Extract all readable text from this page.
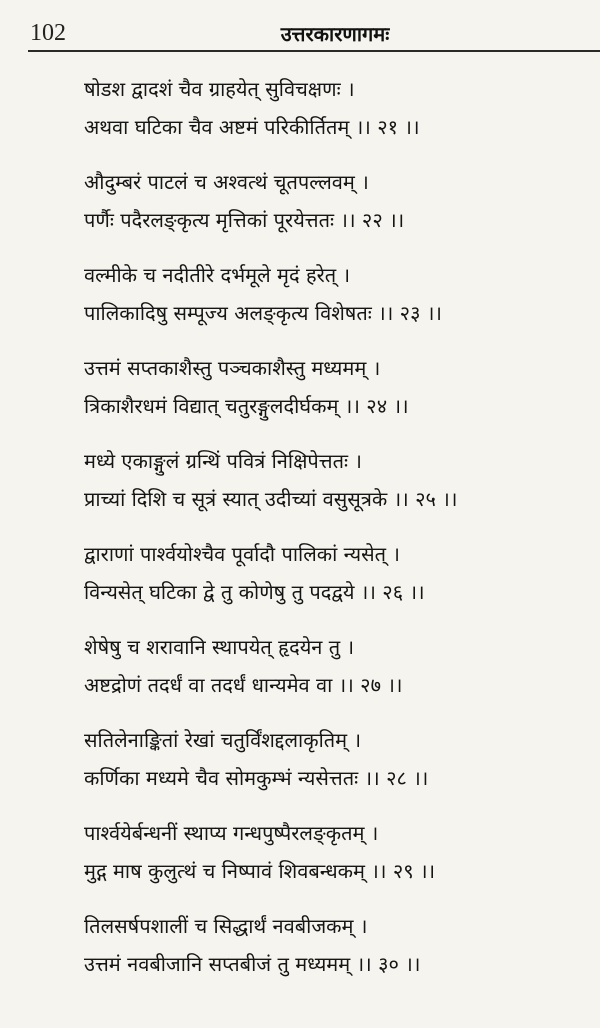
102	उत्तरकारणागमः
षोडश द्वादशं चैव ग्राहयेत् सुविचक्षणः ।
अथवा घटिका चैव अष्टमं परिकीर्तितम् ।। २१ ।।
औदुम्बरं पाटलं च अश्वत्थं चूतपल्लवम् ।
पर्णैः पदैरलङ्कृत्य मृत्तिकां पूरयेत्ततः ।। २२ ।।
वल्मीके च नदीतीरे दर्भमूले मृदं हरेत् ।
पालिकादिषु सम्पूज्य अलङ्कृत्य विशेषतः ।। २३ ।।
उत्तमं सप्तकाशैस्तु पञ्चकाशैस्तु मध्यमम् ।
त्रिकाशैरधमं विद्यात् चतुरङ्गुलदीर्घकम् ।। २४ ।।
मध्ये एकाङ्गुलं ग्रन्थिं पवित्रं निक्षिपेत्ततः ।
प्राच्यां दिशि च सूत्रं स्यात् उदीच्यां वसुसूत्रके ।। २५ ।।
द्वाराणां पार्श्वयोश्चैव पूर्वादौ पालिकां न्यसेत् ।
विन्यसेत् घटिका द्वे तु कोणेषु तु पदद्वये ।। २६ ।।
शेषेषु च शरावानि स्थापयेत् हृदयेन तु ।
अष्टद्रोणं तदर्धं वा तदर्धं धान्यमेव वा ।। २७ ।।
सतिलेनाङ्कितां रेखां चतुर्विंशद्दलाकृतिम् ।
कर्णिका मध्यमे चैव सोमकुम्भं न्यसेत्ततः ।। २८ ।।
पार्श्वयेर्बन्धनीं स्थाप्य गन्धपुष्पैरलङ्कृतम् ।
मुद्ग माष कुलुत्थं च निष्पावं शिवबन्धकम् ।। २९ ।।
तिलसर्षपशालीं च सिद्धार्थं नवबीजकम् ।
उत्तमं नवबीजानि सप्तबीजं तु मध्यमम् ।। ३० ।।
